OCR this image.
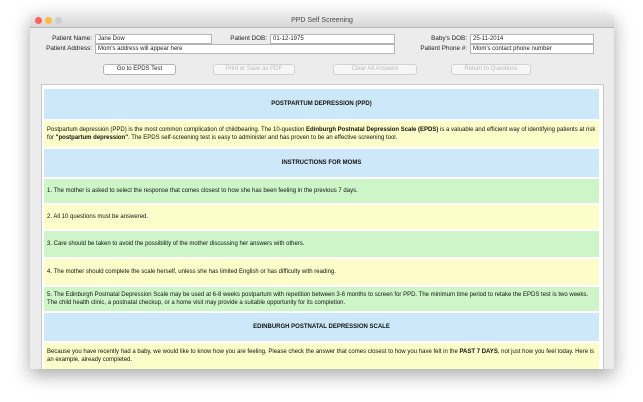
PPD Self Screening
Patient Name:	Jane Dow	Patient DOB:	01-12-1975	Baby's DOB:	25-11-2014
Patient Address:	Mom's address will appear here	Patient Phone #:	Mom's contact phone number
Go to EPDS Test	Print or Save as PDF	Clear All Answers	Return to Questions
POSTPARTUM DEPRESSION (PPD)
Postpartum depression (PPD) is the most common complication of childbearing. The 10-question Edinburgh Postnatal Depression Scale (EPDS) is a valuable and efficient way of identifying patients at risk for "postpartum depression". The EPDS self-screening test is easy to administer and has proven to be an effective screening tool.
INSTRUCTIONS FOR MOMS
1. The mother is asked to select the response that comes closest to how she has been feeling in the previous 7 days.
2. All 10 questions must be answered.
3. Care should be taken to avoid the possibility of the mother discussing her answers with others.
4. The mother should complete the scale herself, unless she has limited English or has difficulty with reading.
5. The Edinburgh Postnatal Depression Scale may be used at 6-8 weeks postpartum with repetition between 3-6 months to screen for PPD. The minimum time period to retake the EPDS test is two weeks. The child health clinic, a postnatal checkup, or a home visit may provide a suitable opportunity for its completion.
EDINBURGH POSTNATAL DEPRESSION SCALE
Because you have recently had a baby, we would like to know how you are feeling. Please check the answer that comes closest to how you have felt in the PAST 7 DAYS, not just how you feel today. Here is an example, already completed.
